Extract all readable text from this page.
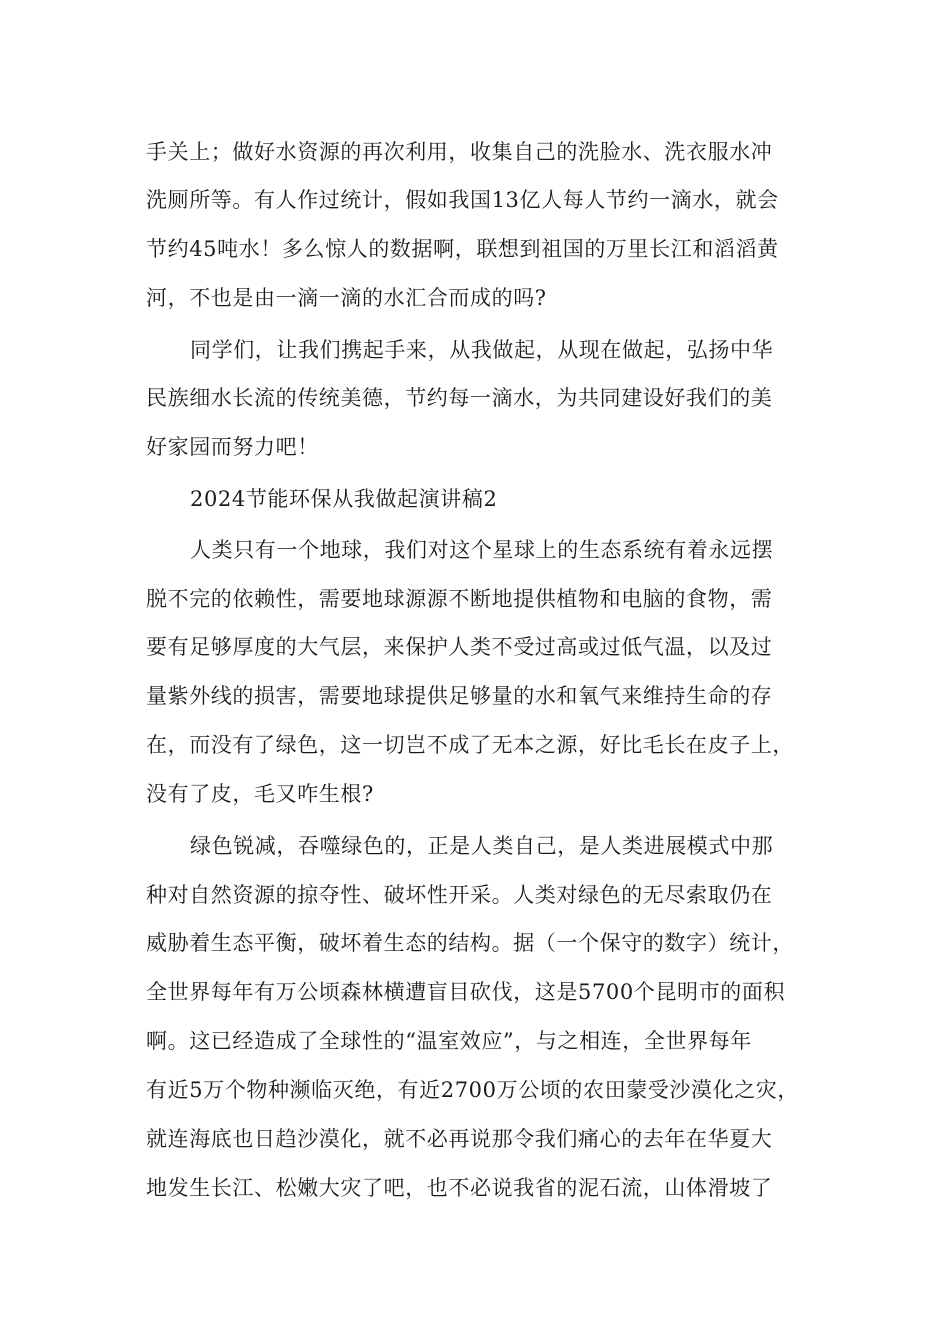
手关上；做好水资源的再次利用，收集自己的洗脸水、洗衣服水冲
洗厕所等。有人作过统计，假如我国13亿人每人节约一滴水，就会
节约45吨水！多么惊人的数据啊，联想到祖国的万里长江和滔滔黄
河，不也是由一滴一滴的水汇合而成的吗?
同学们，让我们携起手来，从我做起，从现在做起，弘扬中华
民族细水长流的传统美德，节约每一滴水，为共同建设好我们的美
好家园而努力吧！
2024节能环保从我做起演讲稿2
人类只有一个地球，我们对这个星球上的生态系统有着永远摆
脱不完的依赖性，需要地球源源不断地提供植物和电脑的食物，需
要有足够厚度的大气层，来保护人类不受过高或过低气温，以及过
量紫外线的损害，需要地球提供足够量的水和氧气来维持生命的存
在，而没有了绿色，这一切岂不成了无本之源，好比毛长在皮子上，
没有了皮，毛又咋生根?
绿色锐减，吞噬绿色的，正是人类自己，是人类进展模式中那
种对自然资源的掠夺性、破坏性开采。人类对绿色的无尽索取仍在
威胁着生态平衡，破坏着生态的结构。据（一个保守的数字）统计，
全世界每年有万公顷森林横遭盲目砍伐，这是5700个昆明市的面积
啊。这已经造成了全球性的“温室效应”，与之相连，全世界每年
有近5万个物种濒临灭绝，有近2700万公顷的农田蒙受沙漠化之灾，
就连海底也日趋沙漠化，就不必再说那令我们痛心的去年在华夏大
地发生长江、松嫩大灾了吧，也不必说我省的泥石流，山体滑坡了
